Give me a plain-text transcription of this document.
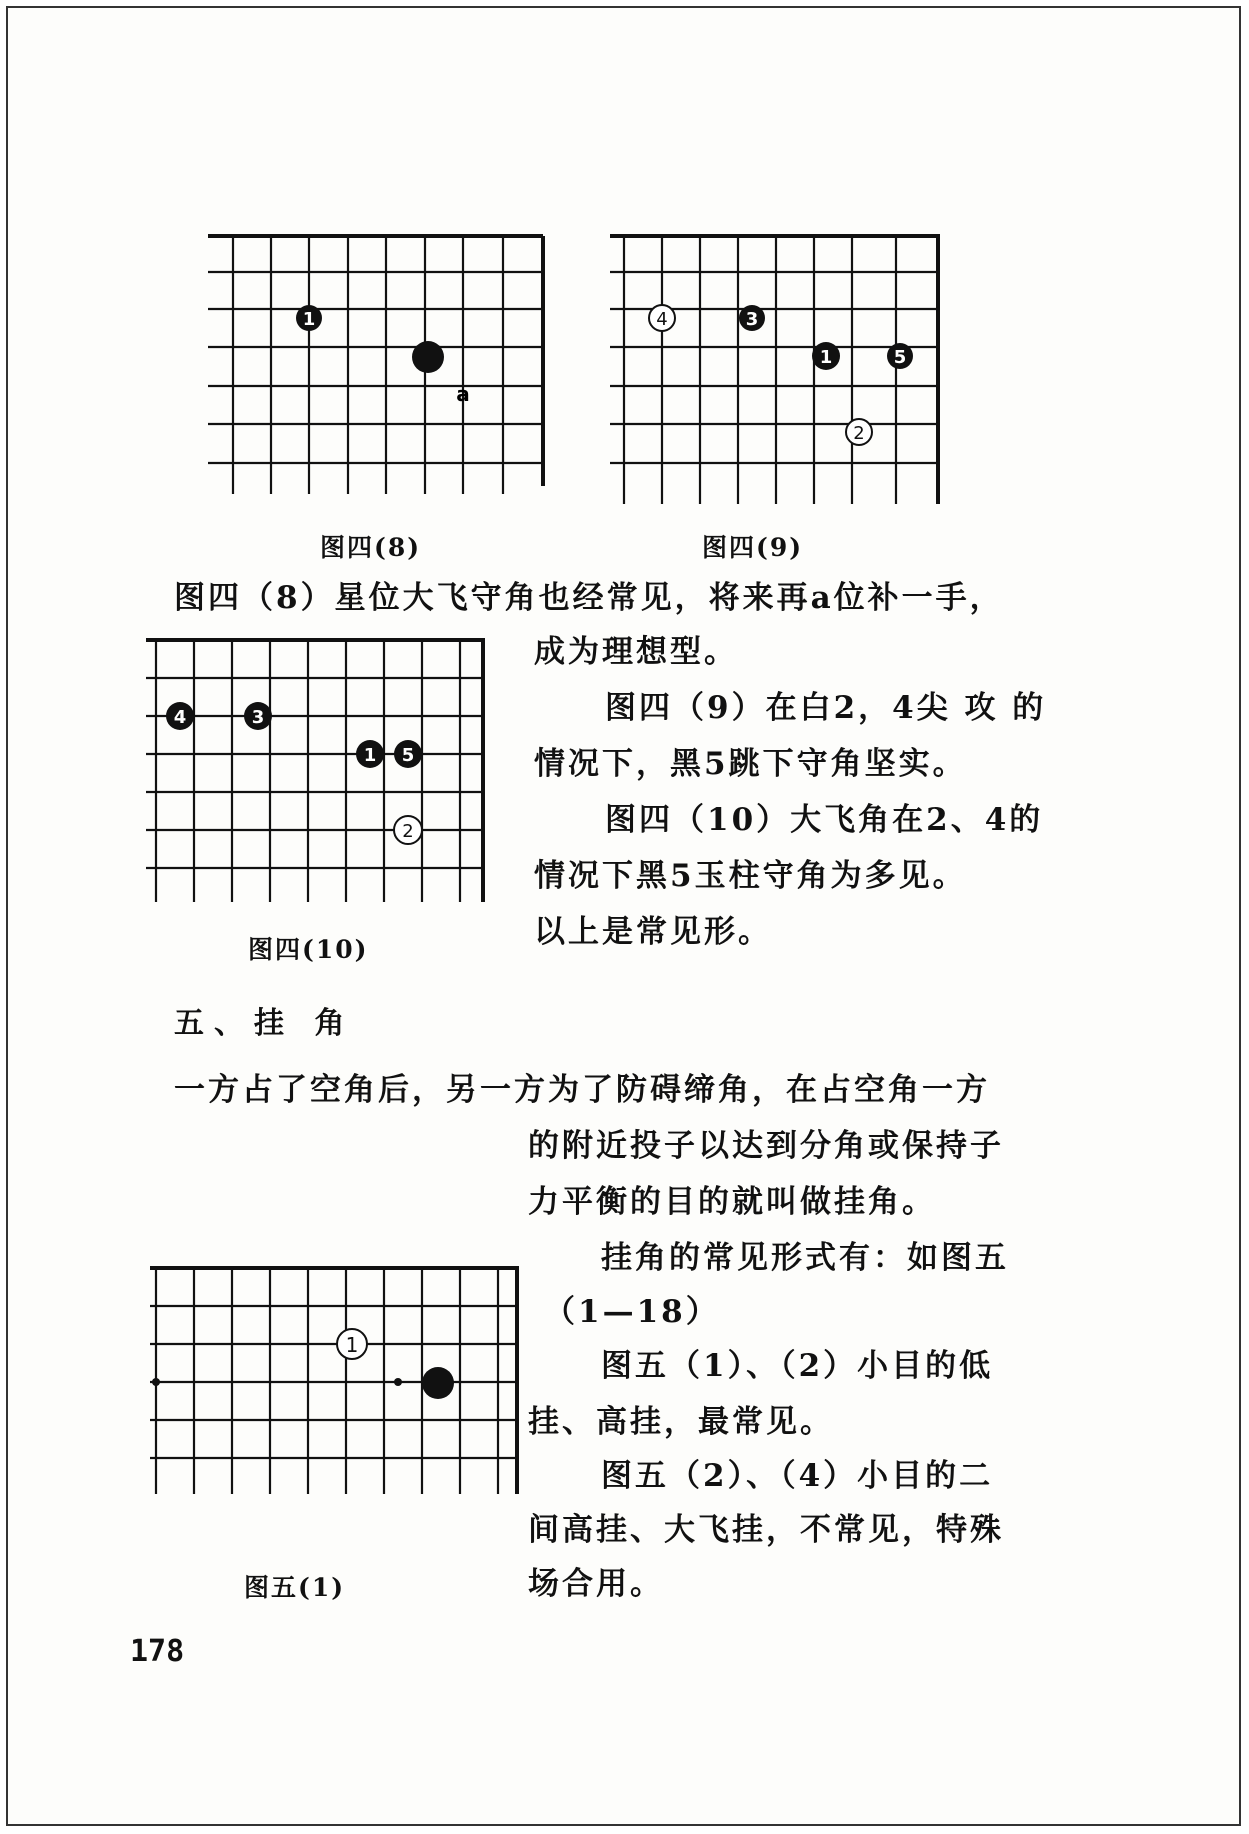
1
a
图四(8)
4	3
1	5
2
图四(9)
图四（8）星位大飞守角也经常见，将来再a位补一手，
4	3
1 5
2
图四(10)
成为理想型。
图四（9）在白2，4尖 攻 的
情况下，黑5跳下守角坚实。
图四（10）大飞角在2、4的
情况下黑5玉柱守角为多见。
以上是常见形。
五、挂 角
一方占了空角后，另一方为了防碍缔角，在占空角一方
的附近投子以达到分角或保持子
力平衡的目的就叫做挂角。
1
图五(1)
挂角的常见形式有：如图五
（1—18）
图五（1）、（2）小目的低
挂、高挂，最常见。
图五（2）、（4）小目的二
间高挂、大飞挂，不常见，特殊
场合用。
178
